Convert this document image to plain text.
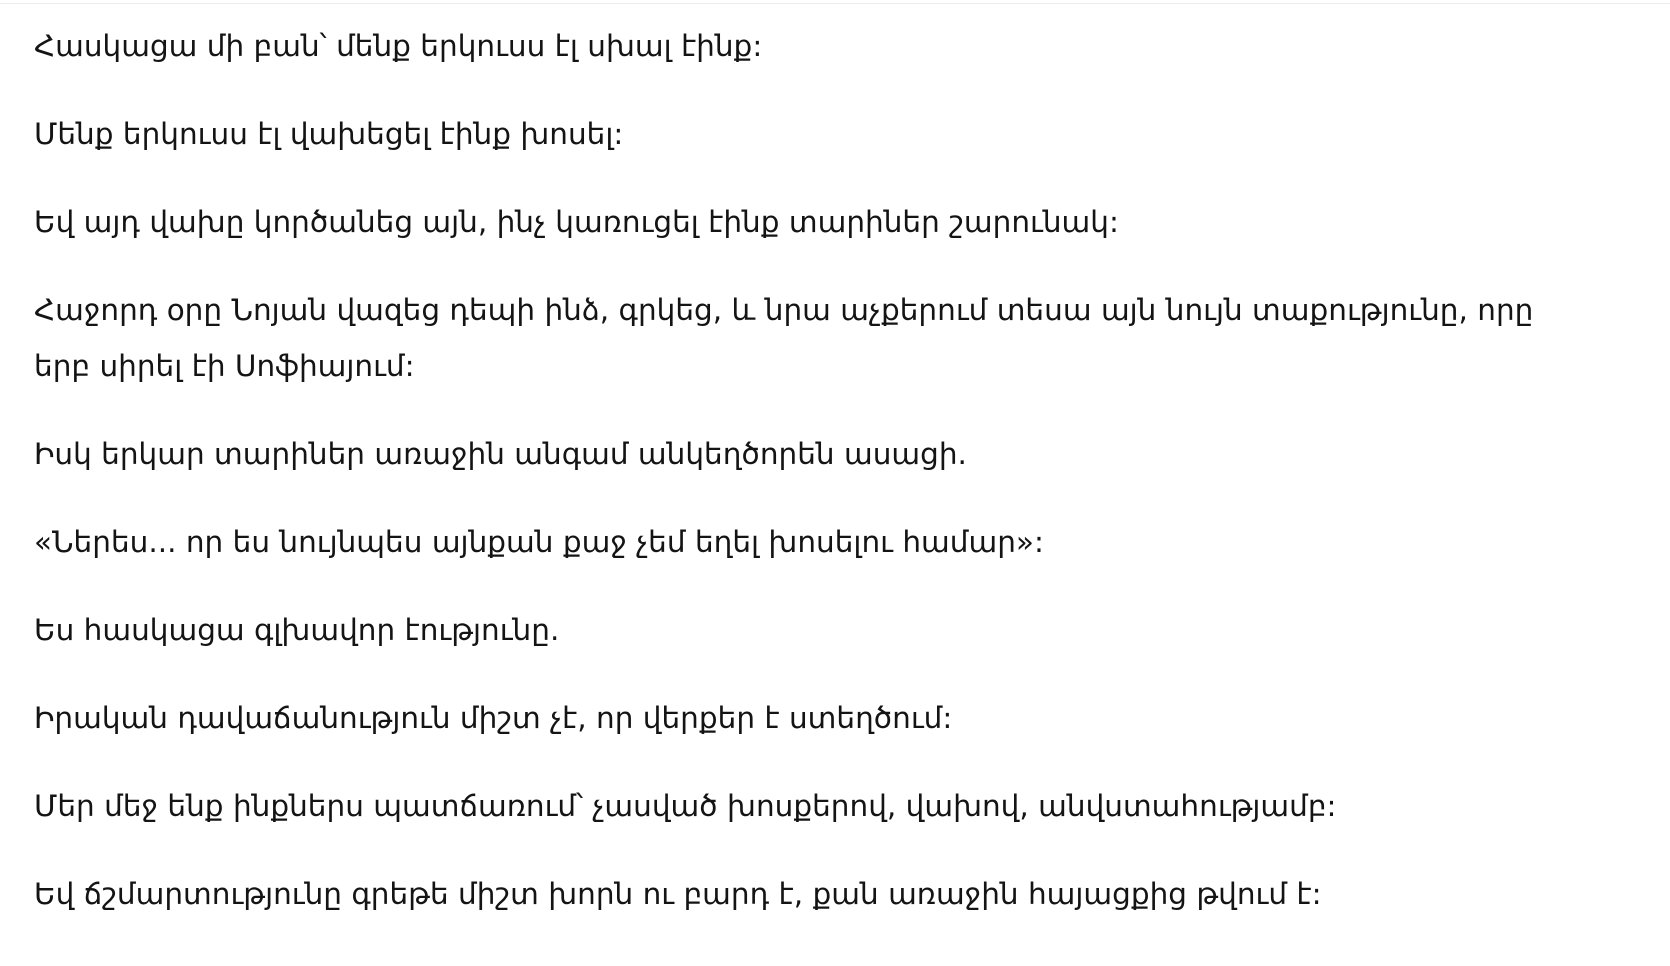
Հասկացա մի բան՝ մենք երկուսս էլ սխալ էինք:

Մենք երկուսս էլ վախեցել էինք խոսել:

Եվ այդ վախը կործանեց այն, ինչ կառուցել էինք տարիներ շարունակ:

Հաջորդ օրը Նոյան վազեց դեպի ինձ, գրկեց, և նրա աչքերում տեսա այն նույն տաքությունը, որը երբ սիրել էի Սոֆիայում:

Իսկ երկար տարիներ առաջին անգամ անկեղծորեն ասացի.

«Ներես... որ ես նույնպես այնքան քաջ չեմ եղել խոսելու համար»:

Ես հասկացա գլխավոր էությունը.

Իրական դավաճանություն միշտ չէ, որ վերքեր է ստեղծում:

Մեր մեջ ենք ինքներս պատճառում՝ չասված խոսքերով, վախով, անվստահությամբ:

Եվ ճշմարտությունը գրեթե միշտ խորն ու բարդ է, քան առաջին հայացքից թվում է:
